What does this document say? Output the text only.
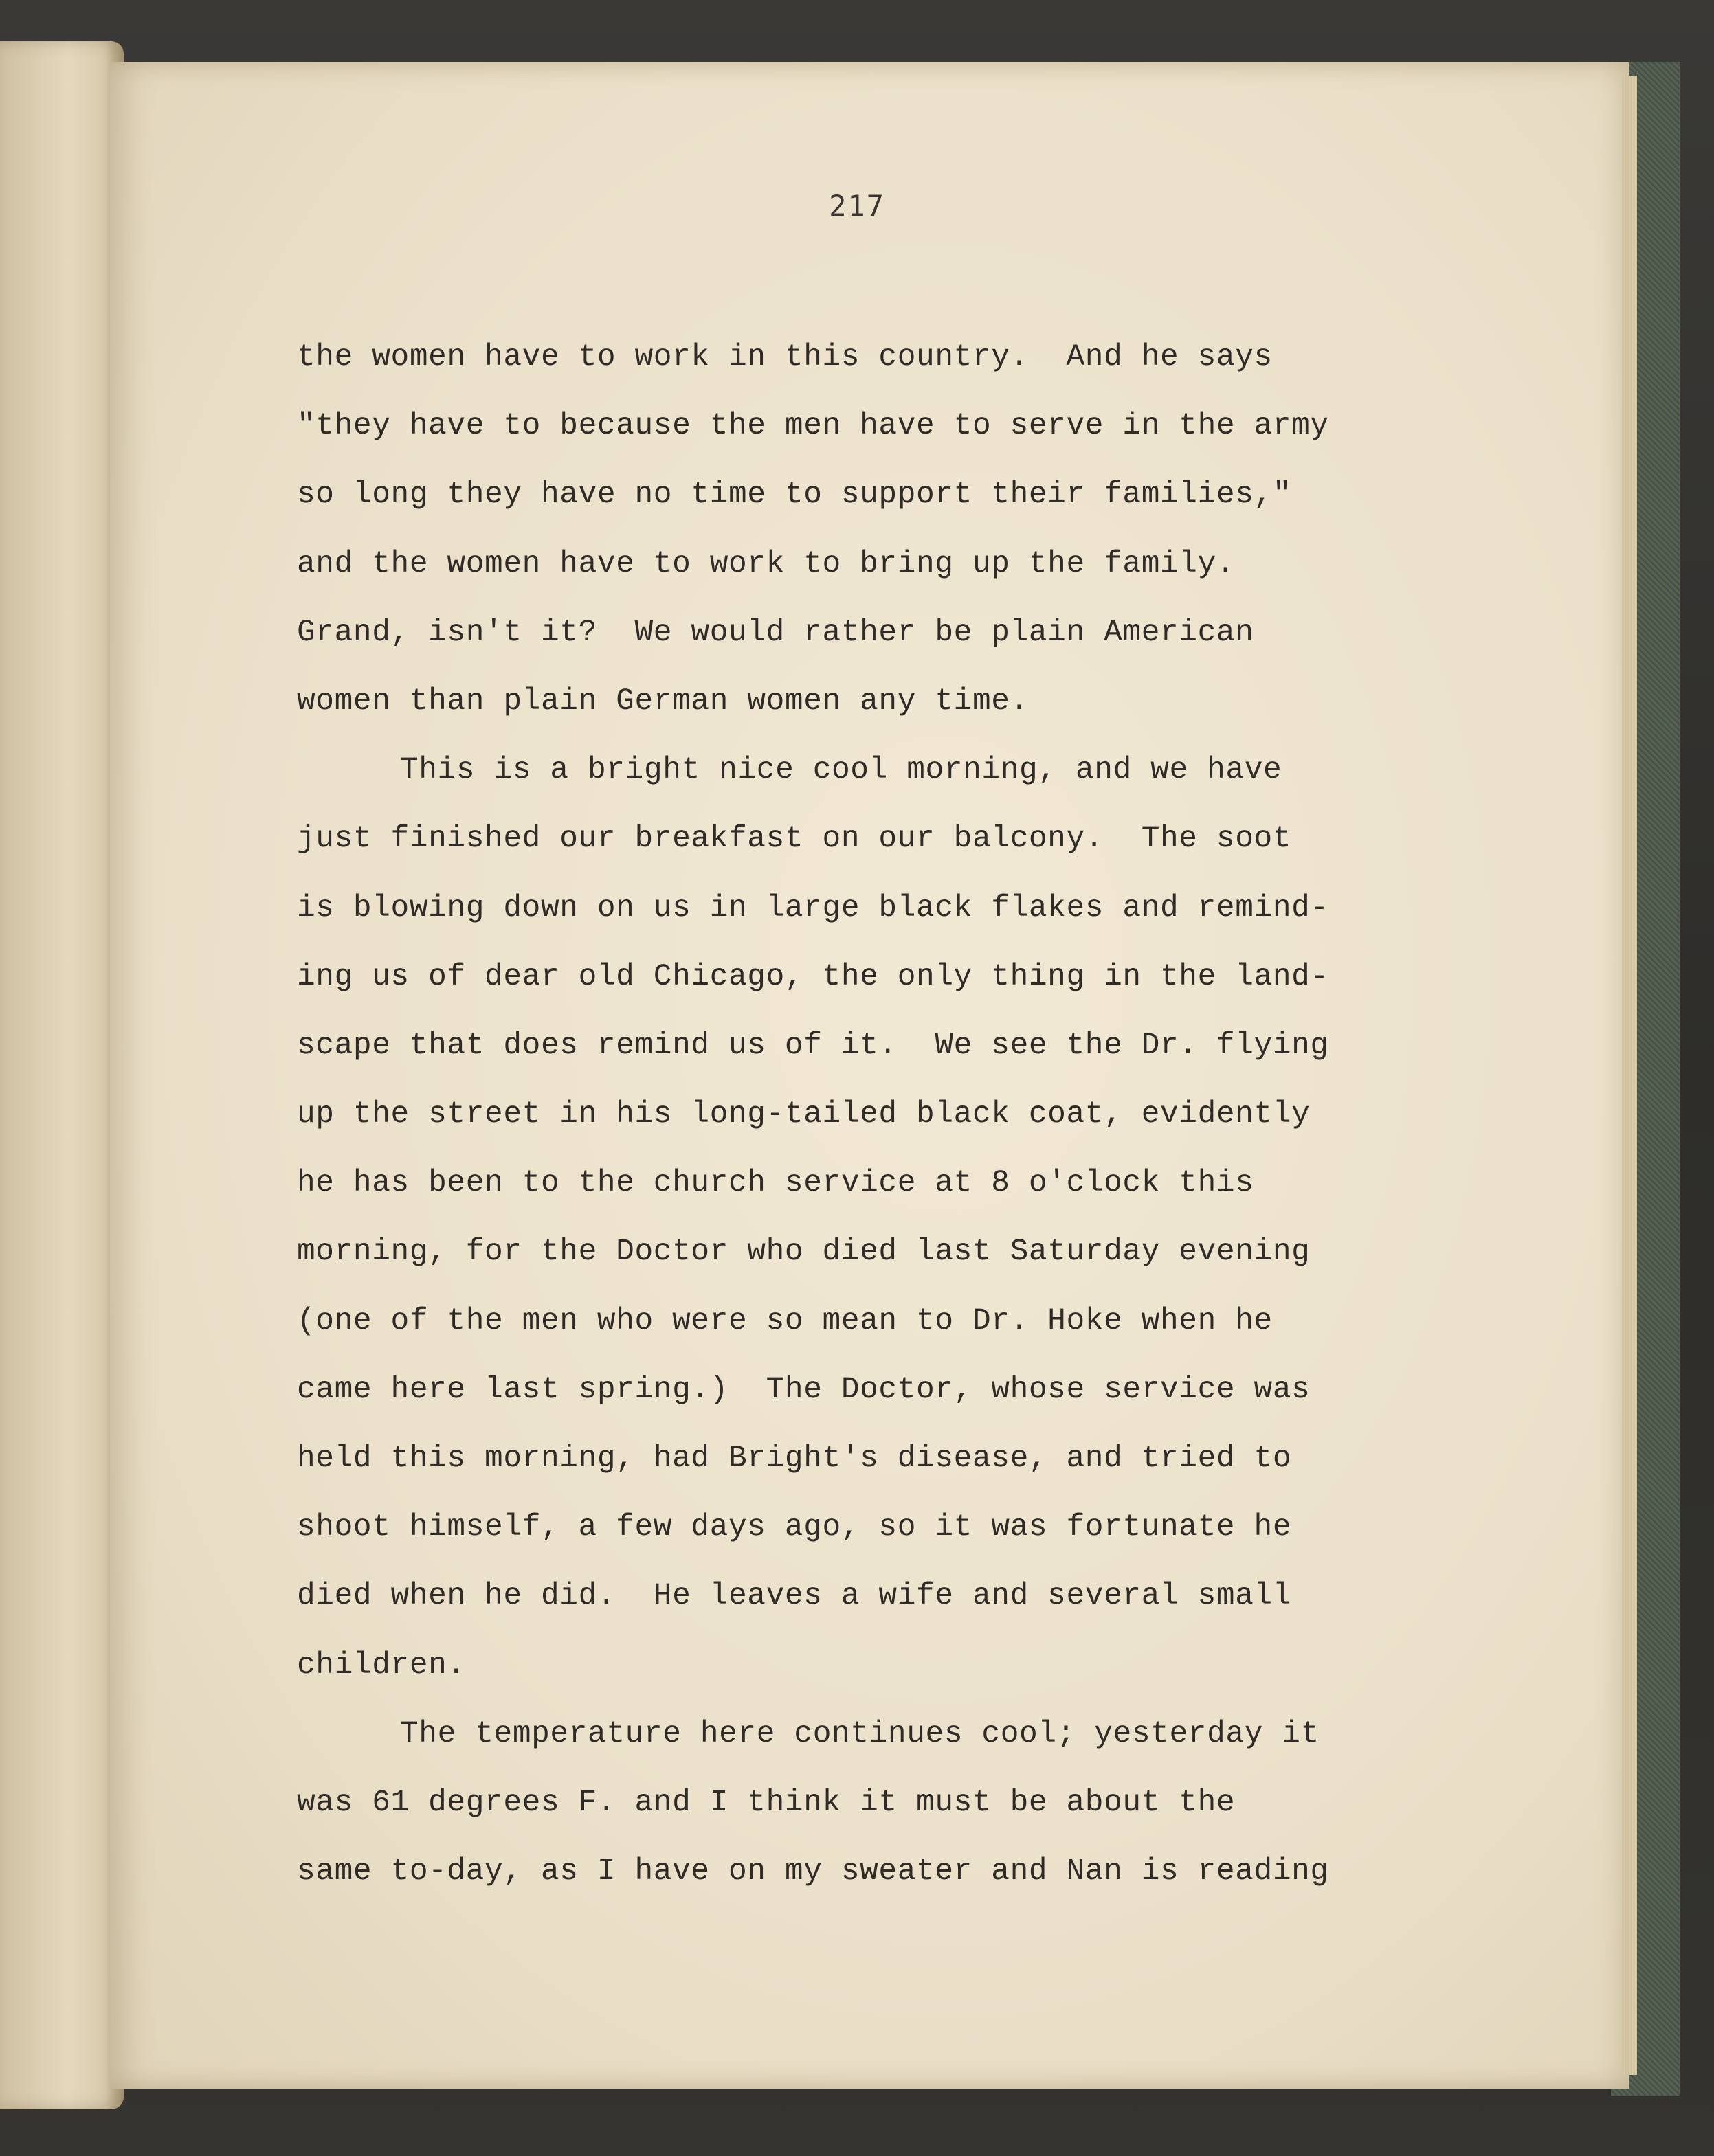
217
the women have to work in this country.  And he says
"they have to because the men have to serve in the army
so long they have no time to support their families,"
and the women have to work to bring up the family.
Grand, isn't it?  We would rather be plain American
women than plain German women any time.
This is a bright nice cool morning, and we have
just finished our breakfast on our balcony.  The soot
is blowing down on us in large black flakes and remind-
ing us of dear old Chicago, the only thing in the land-
scape that does remind us of it.  We see the Dr. flying
up the street in his long-tailed black coat, evidently
he has been to the church service at 8 o'clock this
morning, for the Doctor who died last Saturday evening
(one of the men who were so mean to Dr. Hoke when he
came here last spring.)  The Doctor, whose service was
held this morning, had Bright's disease, and tried to
shoot himself, a few days ago, so it was fortunate he
died when he did.  He leaves a wife and several small
children.
The temperature here continues cool; yesterday it
was 61 degrees F. and I think it must be about the
same to-day, as I have on my sweater and Nan is reading
